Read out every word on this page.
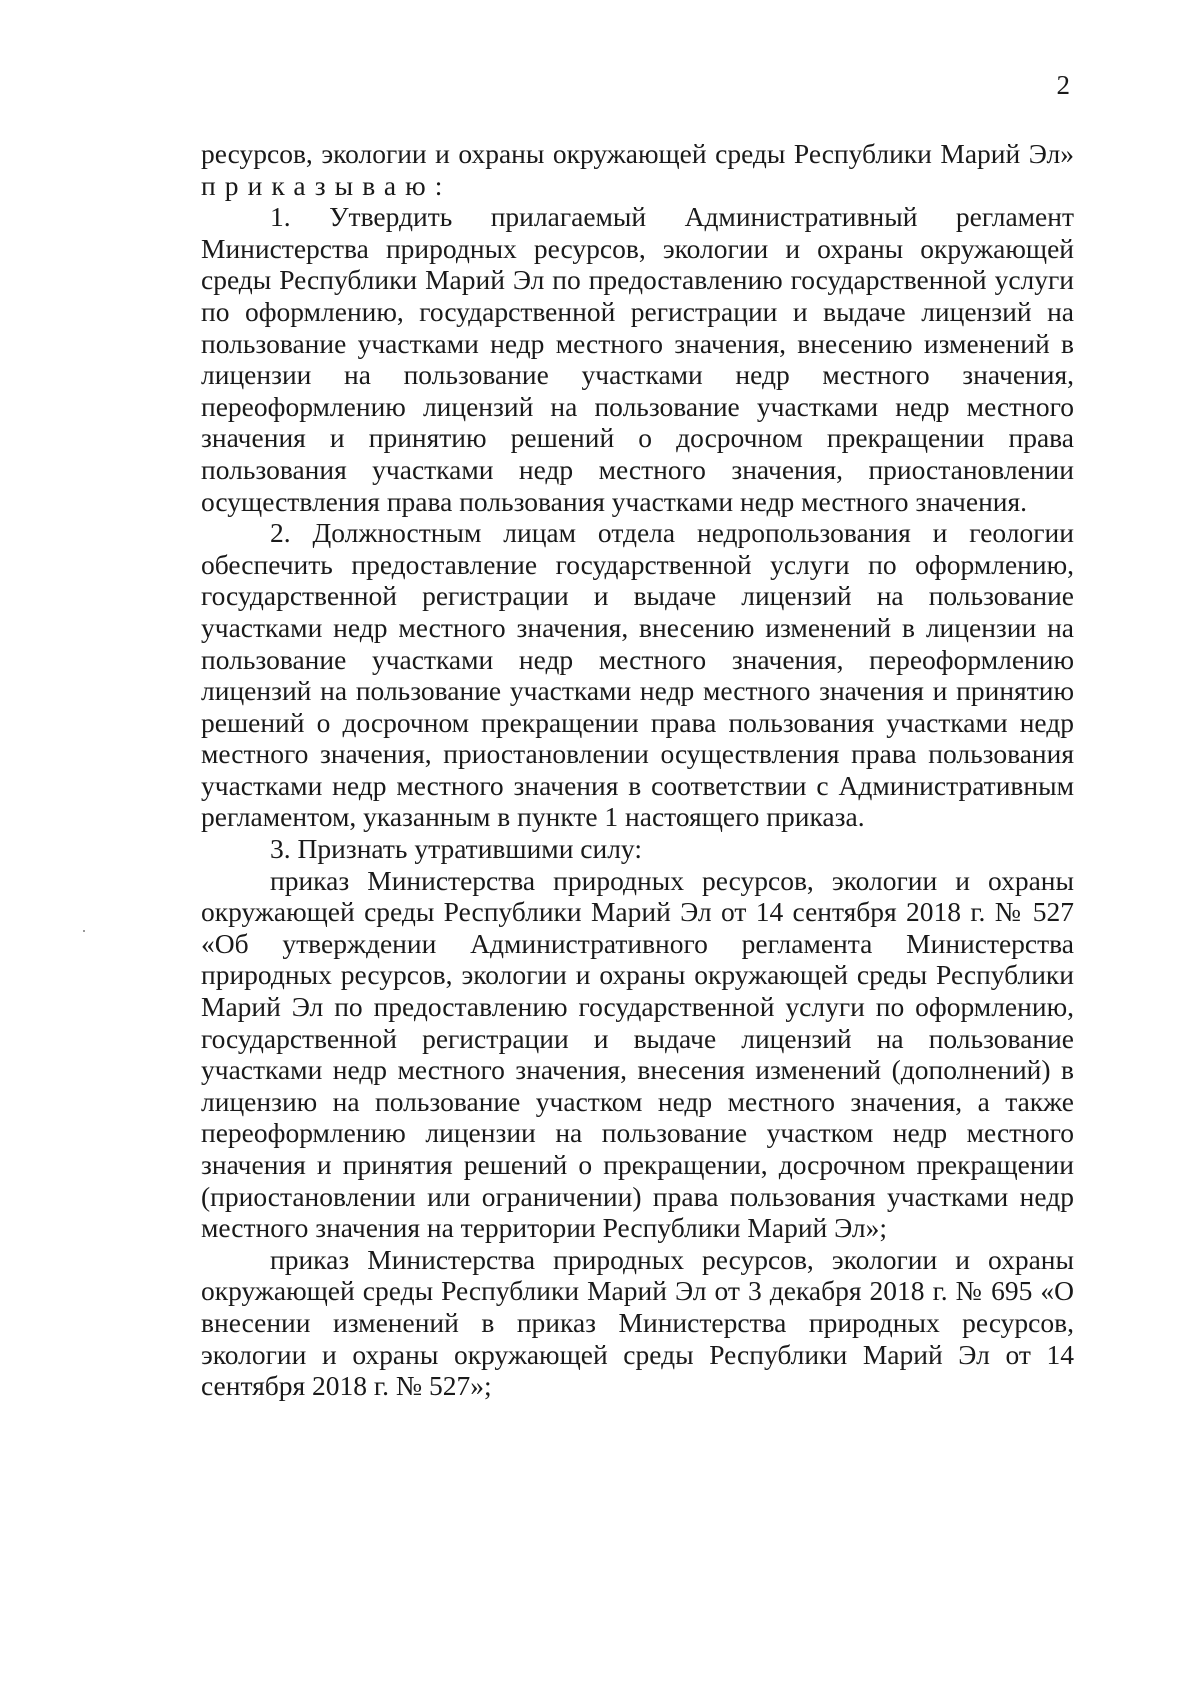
2

ресурсов, экологии и охраны окружающей среды Республики Марий Эл» приказываю:

1. Утвердить прилагаемый Административный регламент Министерства природных ресурсов, экологии и охраны окружающей среды Республики Марий Эл по предоставлению государственной услуги по оформлению, государственной регистрации и выдаче лицензий на пользование участками недр местного значения, внесению изменений в лицензии на пользование участками недр местного значения, переоформлению лицензий на пользование участками недр местного значения и принятию решений о досрочном прекращении права пользования участками недр местного значения, приостановлении осуществления права пользования участками недр местного значения.

2. Должностным лицам отдела недропользования и геологии обеспечить предоставление государственной услуги по оформлению, государственной регистрации и выдаче лицензий на пользование участками недр местного значения, внесению изменений в лицензии на пользование участками недр местного значения, переоформлению лицензий на пользование участками недр местного значения и принятию решений о досрочном прекращении права пользования участками недр местного значения, приостановлении осуществления права пользования участками недр местного значения в соответствии с Административным регламентом, указанным в пункте 1 настоящего приказа.

3. Признать утратившими силу:

приказ Министерства природных ресурсов, экологии и охраны окружающей среды Республики Марий Эл от 14 сентября 2018 г. № 527 «Об утверждении Административного регламента Министерства природных ресурсов, экологии и охраны окружающей среды Республики Марий Эл по предоставлению государственной услуги по оформлению, государственной регистрации и выдаче лицензий на пользование участками недр местного значения, внесения изменений (дополнений) в лицензию на пользование участком недр местного значения, а также переоформлению лицензии на пользование участком недр местного значения и принятия решений о прекращении, досрочном прекращении (приостановлении или ограничении) права пользования участками недр местного значения на территории Республики Марий Эл»;

приказ Министерства природных ресурсов, экологии и охраны окружающей среды Республики Марий Эл от 3 декабря 2018 г. № 695 «О внесении изменений в приказ Министерства природных ресурсов, экологии и охраны окружающей среды Республики Марий Эл от 14 сентября 2018 г. № 527»;
